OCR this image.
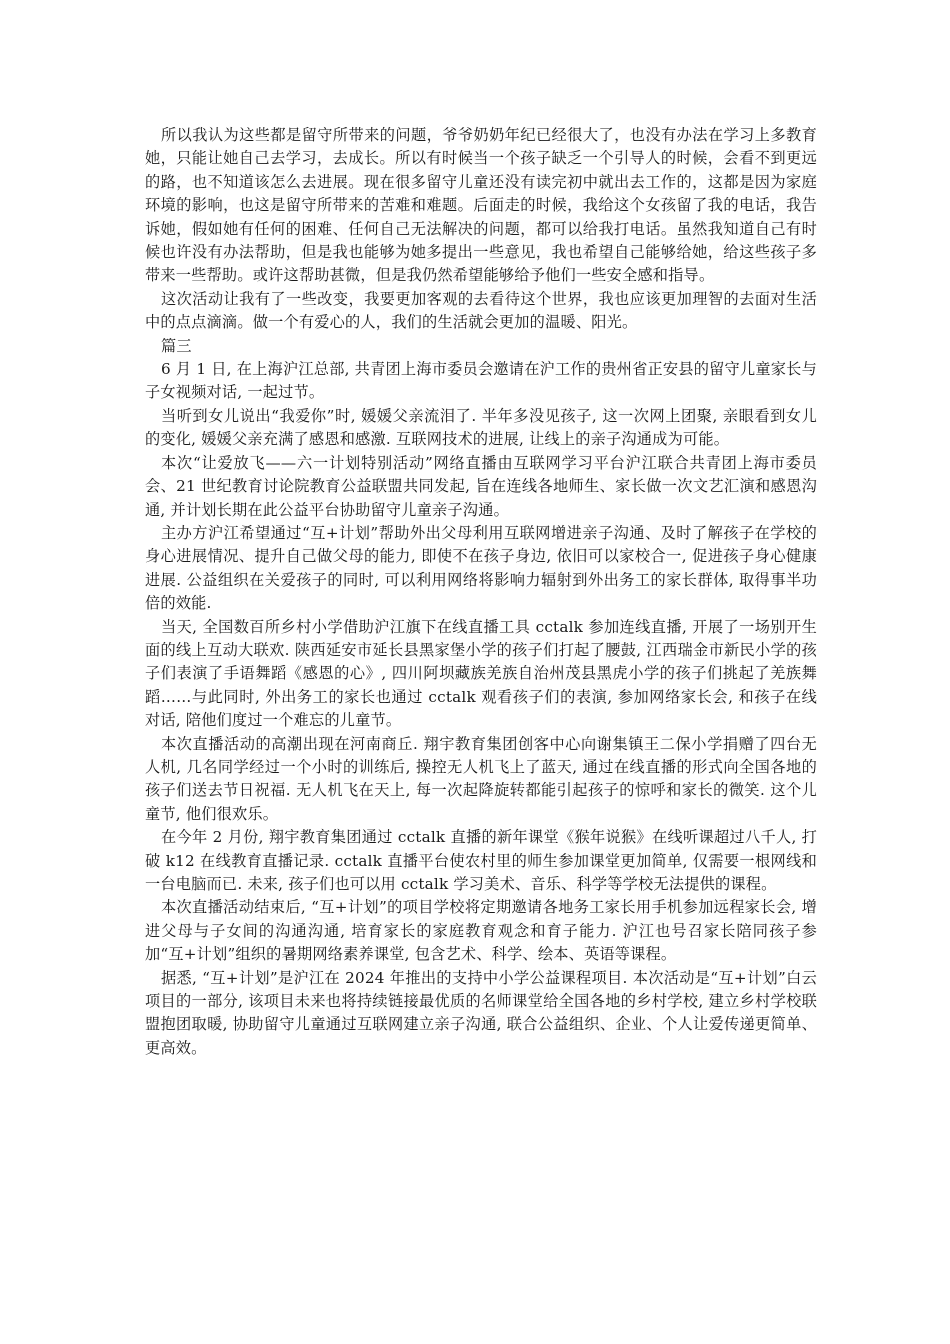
所以我认为这些都是留守所带来的问题，爷爷奶奶年纪已经很大了，也没有办法在学习上多教育她，只能让她自己去学习，去成长。所以有时候当一个孩子缺乏一个引导人的时候，会看不到更远的路，也不知道该怎么去进展。现在很多留守儿童还没有读完初中就出去工作的，这都是因为家庭环境的影响，也这是留守所带来的苦难和难题。后面走的时候，我给这个女孩留了我的电话，我告诉她，假如她有任何的困难、任何自己无法解决的问题，都可以给我打电话。虽然我知道自己有时候也许没有办法帮助，但是我也能够为她多提出一些意见，我也希望自己能够给她，给这些孩子多带来一些帮助。或许这帮助甚微，但是我仍然希望能够给予他们一些安全感和指导。

这次活动让我有了一些改变，我要更加客观的去看待这个世界，我也应该更加理智的去面对生活中的点点滴滴。做一个有爱心的人，我们的生活就会更加的温暖、阳光。

篇三

6 月 1 日, 在上海沪江总部, 共青团上海市委员会邀请在沪工作的贵州省正安县的留守儿童家长与子女视频对话, 一起过节。

当听到女儿说出“我爱你”时, 媛媛父亲流泪了. 半年多没见孩子, 这一次网上团聚, 亲眼看到女儿的变化, 媛媛父亲充满了感恩和感激. 互联网技术的进展, 让线上的亲子沟通成为可能。

本次“让爱放飞——六一计划特别活动”网络直播由互联网学习平台沪江联合共青团上海市委员会、21 世纪教育讨论院教育公益联盟共同发起, 旨在连线各地师生、家长做一次文艺汇演和感恩沟通, 并计划长期在此公益平台协助留守儿童亲子沟通。

主办方沪江希望通过“互+计划”帮助外出父母利用互联网增进亲子沟通、及时了解孩子在学校的身心进展情况、提升自己做父母的能力, 即使不在孩子身边, 依旧可以家校合一, 促进孩子身心健康进展. 公益组织在关爱孩子的同时, 可以利用网络将影响力辐射到外出务工的家长群体, 取得事半功倍的效能.

当天, 全国数百所乡村小学借助沪江旗下在线直播工具 cctalk 参加连线直播, 开展了一场别开生面的线上互动大联欢. 陕西延安市延长县黑家堡小学的孩子们打起了腰鼓, 江西瑞金市新民小学的孩子们表演了手语舞蹈《感恩的心》, 四川阿坝藏族羌族自治州茂县黑虎小学的孩子们挑起了羌族舞蹈……与此同时, 外出务工的家长也通过 cctalk 观看孩子们的表演, 参加网络家长会, 和孩子在线对话, 陪他们度过一个难忘的儿童节。

本次直播活动的高潮出现在河南商丘. 翔宇教育集团创客中心向谢集镇王二保小学捐赠了四台无人机, 几名同学经过一个小时的训练后, 操控无人机飞上了蓝天, 通过在线直播的形式向全国各地的孩子们送去节日祝福. 无人机飞在天上, 每一次起降旋转都能引起孩子的惊呼和家长的微笑. 这个儿童节, 他们很欢乐。

在今年 2 月份, 翔宇教育集团通过 cctalk 直播的新年课堂《猴年说猴》在线听课超过八千人, 打破 k12 在线教育直播记录. cctalk 直播平台使农村里的师生参加课堂更加简单, 仅需要一根网线和一台电脑而已. 未来, 孩子们也可以用 cctalk 学习美术、音乐、科学等学校无法提供的课程。

本次直播活动结束后, “互+计划”的项目学校将定期邀请各地务工家长用手机参加远程家长会, 增进父母与子女间的沟通沟通, 培育家长的家庭教育观念和育子能力. 沪江也号召家长陪同孩子参加“互+计划”组织的暑期网络素养课堂, 包含艺术、科学、绘本、英语等课程。

据悉, “互+计划”是沪江在 2024 年推出的支持中小学公益课程项目. 本次活动是“互+计划”白云项目的一部分, 该项目未来也将持续链接最优质的名师课堂给全国各地的乡村学校, 建立乡村学校联盟抱团取暖, 协助留守儿童通过互联网建立亲子沟通, 联合公益组织、企业、个人让爱传递更简单、更高效。
